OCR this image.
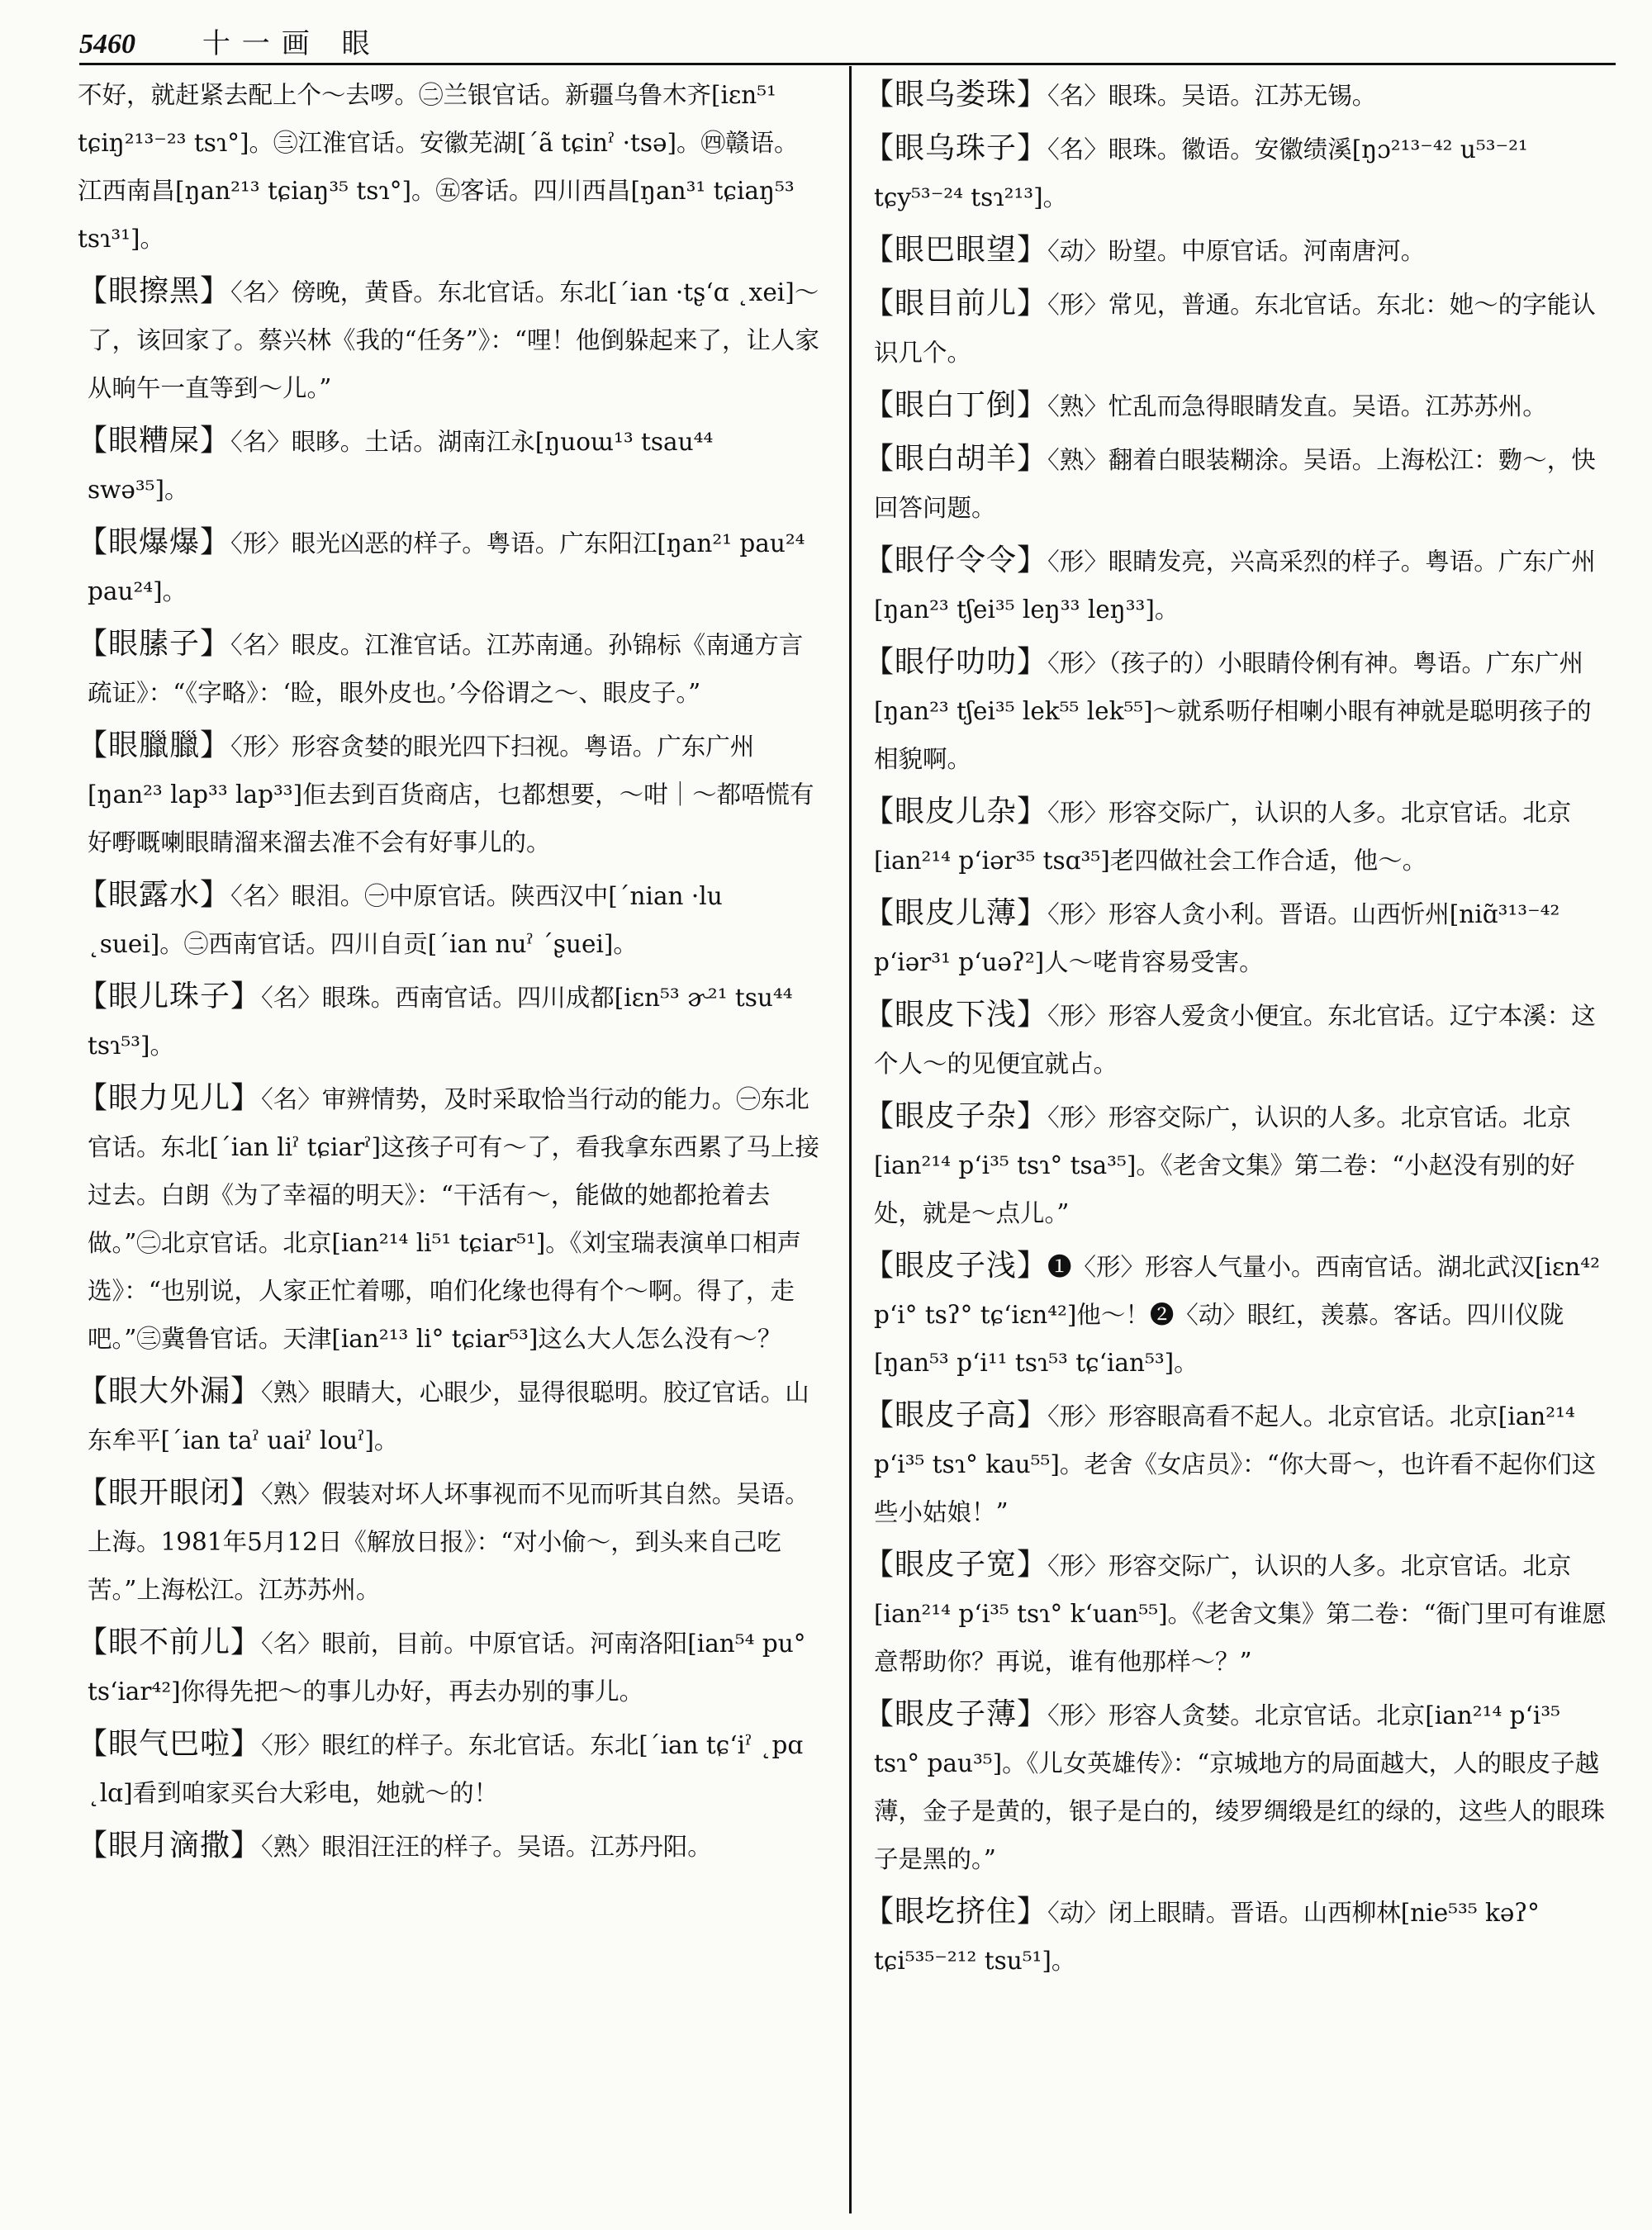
5460 十一画 眼

不好，就赶紧去配上个～去啰。㊁兰银官话。新疆乌鲁木齐[iɛn⁵¹ tɕiŋ²¹³⁻²³ tsɿ°]。㊂江淮官话。安徽芜湖[ˊã tɕinˀ ·tsə]。㊃赣语。江西南昌[ŋan²¹³ tɕiaŋ³⁵ tsɿ°]。㊄客话。四川西昌[ŋan³¹ tɕiaŋ⁵³ tsɿ³¹]。

【眼擦黑】〈名〉傍晚，黄昏。东北官话。东北[ˊian ·tʂʻɑ ˛xei]～了，该回家了。蔡兴林《我的“任务”》：“哩！他倒躲起来了，让人家从晌午一直等到～儿。”

【眼糟屎】〈名〉眼眵。土话。湖南江永[ŋuoɯ¹³ tsau⁴⁴ swə³⁵]。

【眼爆爆】〈形〉眼光凶恶的样子。粤语。广东阳江[ŋan²¹ pau²⁴ pau²⁴]。

【眼膆子】〈名〉眼皮。江淮官话。江苏南通。孙锦标《南通方言疏证》：“《字略》：‘睑，眼外皮也。’今俗谓之～、眼皮子。”

【眼臘臘】〈形〉形容贪婪的眼光四下扫视。粤语。广东广州[ŋan²³ lap³³ lap³³]佢去到百货商店，乜都想要，～咁｜～都唔慌有好嘢嘅喇眼睛溜来溜去准不会有好事儿的。

【眼露水】〈名〉眼泪。㊀中原官话。陕西汉中[ˊnian ·lu ˛suei]。㊁西南官话。四川自贡[ˊian nuˀ ˊʂuei]。

【眼儿珠子】〈名〉眼珠。西南官话。四川成都[iɛn⁵³ ɚ²¹ tsu⁴⁴ tsɿ⁵³]。

【眼力见儿】〈名〉审辨情势，及时采取恰当行动的能力。㊀东北官话。东北[ˊian liˀ tɕiarˀ]这孩子可有～了，看我拿东西累了马上接过去。白朗《为了幸福的明天》：“干活有～，能做的她都抢着去做。”㊁北京官话。北京[ian²¹⁴ li⁵¹ tɕiar⁵¹]。《刘宝瑞表演单口相声选》：“也别说，人家正忙着哪，咱们化缘也得有个～啊。得了，走吧。”㊂冀鲁官话。天津[ian²¹³ li° tɕiar⁵³]这么大人怎么没有～？

【眼大外漏】〈熟〉眼睛大，心眼少，显得很聪明。胶辽官话。山东牟平[ˊian taˀ uaiˀ louˀ]。

【眼开眼闭】〈熟〉假装对坏人坏事视而不见而听其自然。吴语。上海。1981年5月12日《解放日报》：“对小偷～，到头来自己吃苦。”上海松江。江苏苏州。

【眼不前儿】〈名〉眼前，目前。中原官话。河南洛阳[ian⁵⁴ pu° tsʻiar⁴²]你得先把～的事儿办好，再去办别的事儿。

【眼气巴啦】〈形〉眼红的样子。东北官话。东北[ˊian tɕʻiˀ ˛pɑ ˛lɑ]看到咱家买台大彩电，她就～的！

【眼月滴撒】〈熟〉眼泪汪汪的样子。吴语。江苏丹阳。

【眼乌娄珠】〈名〉眼珠。吴语。江苏无锡。

【眼乌珠子】〈名〉眼珠。徽语。安徽绩溪[ŋɔ²¹³⁻⁴² u⁵³⁻²¹ tɕy⁵³⁻²⁴ tsɿ²¹³]。

【眼巴眼望】〈动〉盼望。中原官话。河南唐河。

【眼目前儿】〈形〉常见，普通。东北官话。东北：她～的字能认识几个。

【眼白丁倒】〈熟〉忙乱而急得眼睛发直。吴语。江苏苏州。

【眼白胡羊】〈熟〉翻着白眼装糊涂。吴语。上海松江：覅～，快回答问题。

【眼仔令令】〈形〉眼睛发亮，兴高采烈的样子。粤语。广东广州[ŋan²³ tʃei³⁵ leŋ³³ leŋ³³]。

【眼仔叻叻】〈形〉（孩子的）小眼睛伶俐有神。粤语。广东广州[ŋan²³ tʃei³⁵ lek⁵⁵ lek⁵⁵]～就系呖仔相喇小眼有神就是聪明孩子的相貌啊。

【眼皮儿杂】〈形〉形容交际广，认识的人多。北京官话。北京[ian²¹⁴ pʻiər³⁵ tsɑ³⁵]老四做社会工作合适，他～。

【眼皮儿薄】〈形〉形容人贪小利。晋语。山西忻州[niɑ̃³¹³⁻⁴² pʻiər³¹ pʻuəʔ²]人～咾肯容易受害。

【眼皮下浅】〈形〉形容人爱贪小便宜。东北官话。辽宁本溪：这个人～的见便宜就占。

【眼皮子杂】〈形〉形容交际广，认识的人多。北京官话。北京[ian²¹⁴ pʻi³⁵ tsɿ° tsa³⁵]。《老舍文集》第二卷：“小赵没有别的好处，就是～点儿。”

【眼皮子浅】❶〈形〉形容人气量小。西南官话。湖北武汉[iɛn⁴² pʻi° tsʔ° tɕʻiɛn⁴²]他～！❷〈动〉眼红，羡慕。客话。四川仪陇[ŋan⁵³ pʻi¹¹ tsɿ⁵³ tɕʻian⁵³]。

【眼皮子高】〈形〉形容眼高看不起人。北京官话。北京[ian²¹⁴ pʻi³⁵ tsɿ° kau⁵⁵]。老舍《女店员》：“你大哥～，也许看不起你们这些小姑娘！”

【眼皮子宽】〈形〉形容交际广，认识的人多。北京官话。北京[ian²¹⁴ pʻi³⁵ tsɿ° kʻuan⁵⁵]。《老舍文集》第二卷：“衙门里可有谁愿意帮助你？再说，谁有他那样～？”

【眼皮子薄】〈形〉形容人贪婪。北京官话。北京[ian²¹⁴ pʻi³⁵ tsɿ° pau³⁵]。《儿女英雄传》：“京城地方的局面越大，人的眼皮子越薄，金子是黄的，银子是白的，绫罗绸缎是红的绿的，这些人的眼珠子是黑的。”

【眼圪挤住】〈动〉闭上眼睛。晋语。山西柳林[nie⁵³⁵ kəʔ° tɕi⁵³⁵⁻²¹² tsu⁵¹]。
